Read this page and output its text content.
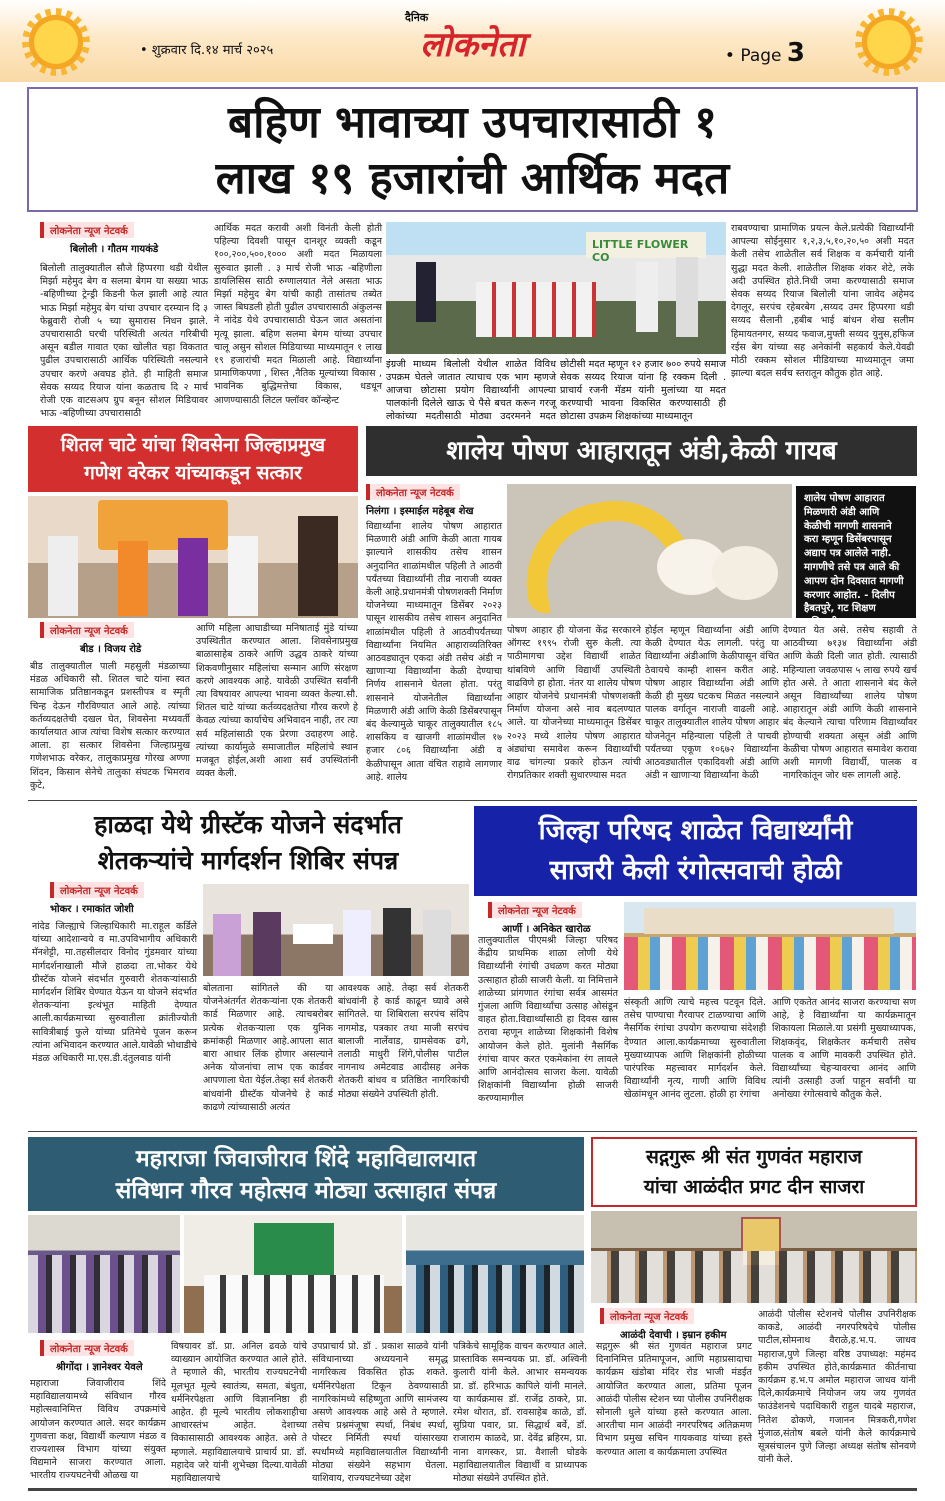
• शुक्रवार दि.१४ मार्च २०२५
दैनिक
लोकनेता	• Page 3
बहिण भावाच्या उपचारासाठी १
लाख १९ हजारांची आर्थिक मदत
लोकनेता न्यूज नेटवर्क
बिलोली । गौतम गायकंडे
बिलोली तालुक्यातील सौजे हिप्परगा थडी येथील मिर्झा महेमुद बेग व सलमा बेगम या सख्या भाऊ -बहिणीच्या ट्रेन्ड्री किडनी फेल झाली आहे त्यात भाऊ मिर्झा महेमुद बेग यांचा उपचार दरम्यान दि ३ फेब्रुवारी रोजी ५ च्या सुमारास निधन झाले. उपचारासाठी घरची परिस्थिती अत्यंत गरिबीची असून बडील गावात एका खोलीत चहा विकतात पुढील उपचारासाठी आर्थिक परिस्थिती नसल्याने उपचार करणे अवघड होते. ही माहिती समाज सेवक सय्यद रियाज यांना कळताच दि २ मार्च रोजी एक वाटसअप ग्रुप बनून सोशल मिडियावर भाऊ -बहिणीच्या उपचारासाठी
आर्थिक मदत करावी अशी विनंती केली होती पहिल्या दिवशी पासून दानशूर व्यक्ती कडून १००,२००,५००,१००० अशी मदत मिळायला सुरुवात झाली . ३ मार्च रोजी भाऊ -बहिणीला डायलिसिस साठी रुग्णालयात नेले असता भाऊ मिर्झा महेमुद बेग यांची काही तासांतच तब्येत जास्त बिघडली होती पुढील उपचारासाठी अंकुलन्स ने नांदेड येथे उपचारासाठी घेऊन जात असतांना मृत्यू झाला. बहिण सलमा बेगम यांच्या उपचार चालू असुन सोशल मिडियाच्या माध्यमातून १ लाख १९ हजारांची मदत मिळाली आहे. विद्यार्थ्यांना प्रामाणिकपणा , शिस्त ,नैतिक मूल्यांच्या विकास , भावनिक बुद्धिमत्तेचा विकास, धडधून आणण्यासाठी लिटल फ्लॉवर कॉन्व्हेन्ट
LITTLE FLOWER CO
इंग्रजी माध्यम बिलोली येथील शाळेत विविध उपक्रम घेतले जातात त्याचाच एक भाग म्हणजे आजचा छोटासा प्रयोग विद्यार्थ्यांनी आपल्या पालकांनी दिलेले खाऊ चे पैसे बचत करून गरजू लोकांच्या मदतीसाठी मोठ्या उदरमनने मदत
छोटीसी मदत म्हणून १२ हजार ७०० रुपये समाज सेवक सय्यद रियाज यांना हि रक्कम दिली . प्राचार्य रजनी मॅडम यांनी मुलांच्या या मदत करण्याची भावना विकसित करण्यासाठी ही छोटासा उपक्रम शिक्षकांच्या माध्यमातून
राबवण्याचा प्रामाणिक प्रयत्न केले.प्रत्येकी विद्यार्थ्यांनी आपल्या सोईनुसार १,२,३,५,१०,२०,५० अशी मदत केली तसेच शाळेतील सर्व शिक्षक व कर्मचारी यांनी सुद्धा मदत केली. शाळेतील शिक्षक शंकर शेटे, लके अदी उपस्थित होते.निधी जमा करण्यासाठी समाज सेवक सय्यद रियाज बिलोली यांना जावेद अहेमद देगलूर, सरपंच रहेबरबेग ,सय्यद उमर हिप्परगा थडी सय्यद सैलानी ,हबीब भाई बांधन शेख सलीम हिमायतनगर, सय्यद फवाज,मुफ्ती सय्यद युनुस,हफिज रईस बेग यांच्या सह अनेकांनी सहकार्य केले.येवढी मोठी रक्कम सोशल मीडियाच्या माध्यमातून जमा झाल्या बदल सर्वच स्तरातून कौतुक होत आहे.
शितल चाटे यांचा शिवसेना जिल्हाप्रमुख
गणेश वरेकर यांच्याकडून सत्कार
लोकनेता न्यूज नेटवर्क
बीड । विजय रोडे
बीड तालुक्यातील पाली महसुली मंडळाच्या मंडळ अधिकारी सौ. शितल चाटे यांना स्वत सामाजिक प्रतिष्ठानकडून प्रशस्तीपत्र व स्मृती चिन्ह देऊन गौरविण्यात आले आहे. त्यांच्या कर्तव्यदक्षतेची दखल घेत, शिवसेना मध्यवर्ती कार्यालयात आज त्यांचा विशेष सत्कार करण्यात आला. हा सत्कार शिवसेना जिल्हाप्रमुख गणेशभाऊ वरेकर, तालुकाप्रमुख गोरख अण्णा शिंदन, किसान सेनेचे तालुका संघटक भिमराव कुटे,
आणि महिला आघाडीच्या मनिषाताई मुंडे यांच्या उपस्थितीत करण्यात आला. शिवसेनाप्रमुख बाळासाहेब ठाकरे आणि उद्धव ठाकरे यांच्या शिकवणीनुसार महिलांचा सन्मान आणि संरक्षण करणे आवश्यक आहे. यावेळी उपस्थित सर्वांनी त्या विषयावर आपल्या भावना व्यक्त केल्या.सौ. शितल चाटे यांच्या कर्तव्यदक्षतेचा गौरव करणे हे केवळ त्यांच्या कार्याचेच अभिवादन नाही, तर त्या सर्व महिलांसाठी एक प्रेरणा उदाहरण आहे. त्यांच्या कार्यामुळे समाजातील महिलांचे स्थान मजबूत होईल,अशी आशा सर्व उपस्थितांनी व्यक्त केली.
शालेय पोषण आहारातून अंडी,केळी गायब
लोकनेता न्यूज नेटवर्क
निलंगा । इस्माईल महेबूब शेख
शालेय पोषण आहारात मिळणारी अंडी आणि केळीची मागणी शासनाने करा म्हणून डिसेंबरपासून अद्याप पत्र आलेले नाही. मागणीचे तसे पत्र आले की आपण दोन दिवसात मागणी करणार आहोत. - दिलीप हैबतपुरे, गट शिक्षण अधिकारी, चाकूर
विद्यार्थ्यांना शालेय पोषण आहारात मिळणारी अंडी आणि केळी आता गायब झाल्याने शासकीय तसेच शासन अनुदानित शाळांमधील पहिली ते आठवी पर्यंतच्या विद्यार्थ्यांनी तीव्र नाराजी व्यक्त केली आहे.प्रधानमंत्री पोषणशक्ती निर्माण योजनेच्या माध्यमातून डिसेंबर २०२३ पासून शासकीय तसेच शासन अनुदानित शाळांमधील पहिली ते आठवीपर्यंतच्या विद्यार्थ्यांना नियमित आहाराव्यतिरिक्त आठवड्यातून एकदा अंडी तसेच अंडी न खाणाऱ्या विद्यार्थ्यांना केळी देण्याचा निर्णय शासनाने घेतला होता. परंतु शासनाने योजनेतील विद्यार्थ्यांना मिळणारी अंडी आणि केळी डिसेंबरपासून बंद केल्यामुळे चाकूर तालुक्यातील १८५ शासकिय व खाजगी शाळांमधील १७ हजार ८०६ विद्यार्थ्यांना अंडी व केळीपासून आता वंचित राहावे लागणार आहे. शालेय
पोषण आहार ही योजना केंद्र सरकारने ऑगस्ट १९९५ रोजी सुरु केली. त्या पाठीमागचा उद्देश विद्यार्थी शाळेत थांबविणे आणि विद्यार्थी उपस्थिती वाढविणे हा होता. नंतर या शालेय पोषण आहार योजनेचे प्रधानमंत्री पोषणशक्ती निर्माण योजना असे नाव बदलण्यात आले. या योजनेच्या माध्यमातून डिसेंबर २०२३ मध्ये शालेय पोषण आहारात अंड्यांचा समावेश करून विद्यार्थ्यांची वाढ चांगल्या प्रकारे होऊन त्यांची रोगप्रतिकार शक्ती सुधारण्यास मदत
होईल म्हणून विद्यार्थ्यांना अंडी आणि केळी देण्यात येऊ लागली. परंतु या विद्यार्थ्यांना अंडीआणि केळीपासून वंचित ठेवायचे काम्ही शासन करीत आहे. पोषण आहार विद्यार्थ्यांना अंडी आणि केळी ही मुख्य घटकच मिळत नसल्याने पालक वर्गातून नाराजी वाढली आहे. चाकूर तालुक्यातील शालेय पोषण आहार योजनेतून महिन्याला पहिली ते पाचवी पर्यंतच्या एकूण १०६७२ विद्यार्थ्यांना आठवड्यातील एकादिवशी अंडी आणि अंडी न खाणाऱ्या विद्यार्थ्यांना केळी
देण्यात येत असे. तसेच सहावी ते आठवीच्या ७१३४ विद्यार्थ्यांना अंडी आणि केळी दिली जात होती. त्यासाठी महिन्याला जवळपास ५ लाख रुपये खर्च होत असे. ते आता शासनाने बंद केले असून विद्यार्थ्यांच्या शालेय पोषण आहारातून अंडी आणि केळी शासनाने बंद केल्याने त्याचा परिणाम विद्यार्थ्यांवर होण्याची शक्यता असून अंडी आणि केळीचा पोषण आहारात समावेश करावा अशी मागणी विद्यार्थी, पालक व नागरिकांतून जोर धरू लागली आहे.
हाळदा येथे ग्रीस्टॅक योजने संदर्भात
शेतकऱ्यांचे मार्गदर्शन शिबिर संपन्न
लोकनेता न्यूज नेटवर्क
भोकर । रमाकांत जोशी
नांदेड जिल्ह्याचे जिल्हाधिकारी मा.राहूल कर्डिले यांच्या आदेशान्वये व मा.उपविभागीय अधिकारी मॅनशेट्टी, मा.तहसीलदार विनोद गुंडमवार यांच्या मार्गदर्शनाखाली मौजे हाळदा ता.भोकर येथे ग्रीस्टॅक योजने संदर्भात गुरुवारी शेतकऱ्यांसाठी मार्गदर्शन शिबिर घेण्यात येऊन या योजने संदर्भात शेतकऱ्यांना इत्थंभूत माहिती देण्यात आली.कार्यक्रमाच्या सुरुवातीला क्रांतीज्योती सावित्रीबाई फुले यांच्या प्रतिमेचे पूजन करून त्यांना अभिवादन करण्यात आले.यावेळी भोधाडीचे मंडळ अधिकारी मा.एस.डी.दंतुलवाड यांनी
बोलताना सांगितले की या योजनेअंतर्गत शेतकऱ्यांना एक शेतकरी कार्ड मिळणार आहे. त्याचबरोबर प्रत्येक शेतकऱ्याला एक युनिक क्रमांकही मिळणार आहे.आपला सात बारा आधार लिंक होणार असल्याने अनेक योजनांचा लाभ एक कार्डवर आपणाला घेता येईल.तेव्हा सर्व शेतकरी बांधवांनी ग्रीस्टॅक योजनेचे हे कार्ड काढणे त्यांच्यासाठी अत्यंत
आवश्यक आहे. तेव्हा सर्व शेतकरी बांधवांनी हे कार्ड काढून घ्यावे असे सांगितले. या शिबिराला सरपंच संदिप नागमोड, पत्रकार तथा माजी सरपंच बालाजी नार्लेवाड, ग्रामसेवक ढगे, तलाठी माधुरी शिंगे,पोलीस पाटील नागनाथ अमेटवाड आदीसह अनेक शेतकरी बांधव व प्रतिष्ठित नागरिकांची मोठ्या संख्येने उपस्थिती होती.
जिल्हा परिषद शाळेत विद्यार्थ्यांनी
साजरी केली रंगोत्सवाची होळी
लोकनेता न्यूज नेटवर्क
आर्णी । अनिकेत खारोळ
तालुक्यातील पीएमश्री जिल्हा परिषद केंद्रीय प्राथमिक शाळा लोणी येथे विद्यार्थ्यांनी रंगांची उधळण करत मोठ्या उत्साहात होळी साजरी केली. या निमित्ताने शाळेच्या प्रांगणात रंगांचा सर्वत्र आसमंत गुंजला आणि विद्यार्थ्यांचा उत्साह ओसंडून वाहत होता.विद्यार्थ्यांसाठी हा दिवस खास ठरावा म्हणून शाळेच्या शिक्षकांनी विशेष आयोजन केले होते. मुलांनी नैसर्गिक रंगांचा वापर करत एकमेकांना रंग लावले आणि आनंदोत्सव साजरा केला. यावेळी शिक्षकांनी विद्यार्थ्यांना होळी साजरी करण्यामागील
संस्कृती आणि त्याचे महत्त्व पटवून दिले. तसेच पाण्याचा गैरवापर टाळण्याचा आणि नैसर्गिक रंगांचा उपयोग करण्याचा संदेशही देण्यात आला.कार्यक्रमाच्या सुरुवातीला मुख्याध्यापक आणि शिक्षकांनी होळीच्या पारंपरिक महत्त्वावर मार्गदर्शन केले. विद्यार्थ्यांनी नृत्य, गाणी आणि विविध खेळांमधून आनंद लुटला. होळी हा रंगांचा
आणि एकतेत आनंद साजरा करण्याचा सण आहे, हे विद्यार्थ्यांना या कार्यक्रमातून शिकायला मिळाले.या प्रसंगी मुख्याध्यापक, शिक्षकवृंद, शिक्षकेतर कर्मचारी तसेच पालक व आणि मावकरी उपस्थित होते. विद्यार्थ्यांच्या चेहऱ्यावरचा आनंद आणि त्यांनी उत्साही उर्जा पाहून सर्वांनी या अनोख्या रंगोत्सवाचे कौतुक केले.
महाराजा जिवाजीराव शिंदे महाविद्यालयात
संविधान गौरव महोत्सव मोठ्या उत्साहात संपन्न
लोकनेता न्यूज नेटवर्क
श्रीगोंदा । ज्ञानेश्वर येवले
महाराजा जिवाजीराव शिंदे महाविद्यालयामध्ये संविधान गौरव महोत्सवानिमित्त विविध उपक्रमांचे आयोजन करण्यात आले. सदर कार्यक्रम गुणवत्ता कक्ष, विद्यार्थी कल्याण मंडळ व राज्यशास्त्र विभाग यांच्या संयुक्त विद्यमाने साजरा करण्यात आला. भारतीय राज्यघटनेची ओळख या
विषयावर डॉ. प्रा. अनिल ढवळे यांचे व्याख्यान आयोजित करण्यात आले होते. ते म्हणाले की, भारतीय राज्यघटनेची मूलभूत मूल्ये स्वातंत्र्य, समता, बंधुता, धर्मनिरपेक्षता आणि विज्ञाननिष्ठा ही आहेत. ही मूल्ये भारतीय लोकशाहीचा आधारस्तंभ आहेत. देशाच्या विकासासाठी आवश्यक आहेत. असे ते म्हणाले. महाविद्यालयाचे प्राचार्य प्रा. डॉ. महादेव जरे यांनी शुभेच्छा दिल्या.यावेळी महाविद्यालयाचे
उपप्राचार्य प्रो. डॉ . प्रकाश साळवे यांनी संविधानाच्या अध्ययनाने समृद्ध नागरिकत्व विकसित होऊ शकते. धर्मनिरपेक्षता टिकून ठेवण्यासाठी नागरिकांमध्ये सहिष्णुता आणि सामंजस्य असणे आवश्यक आहे असे ते म्हणाले. तसेच प्रश्नमंजूषा स्पर्धा, निबंध स्पर्धा, पोस्टर निर्मिती स्पर्धा यांसारख्या स्पर्धांमध्ये महाविद्यालयातील विद्यार्थ्यांनी मोठ्या संख्येने सहभाग घेतला. याशिवाय, राज्यघटनेच्या उद्देश
पत्रिकेचे सामूहिक वाचन करण्यात आले. प्रास्ताविक समन्वयक प्रा. डॉ. अश्विनी कुलारी यांनी केले. आभार समन्वयक प्रा. डॉ. हरिभाऊ कापिले यांनी मानले. या कार्यक्रमास डॉ. राजेंद्र ठाकरे, प्रा. रमेश थोरात, डॉ. रावसाहेब काळे, डॉ. सुप्रिया पवार, प्रा. सिद्धार्थ बर्वे, डॉ. राजाराम काळदे, प्रा. देवेंद्र ब्रहिरम, प्रा. नाना वागस्कर, प्रा. वैशाली घोडके महाविद्यालयातील विद्यार्थी व प्राध्यापक मोठ्या संख्येने उपस्थित होते.
सद्गगुरू श्री संत गुणवंत महाराज
यांचा आळंदीत प्रगट दीन साजरा
लोकनेता न्यूज नेटवर्क
आळंदी देवाची । इम्रान हकीम
सद्गगुरू श्री संत गुणवंत महाराज प्रगट दिनानिमित्त प्रतिमापूजन, आणि महाप्रसादाचा कार्यक्रम खंडोबा मंदिर रोड भाजी मंडईत आयोजित करण्यात आला, प्रतिमा पूजन आळंदी पोलीस स्टेशन च्या पोलीस उपनिरीक्षक सोनाली धुले यांच्या हस्ते करण्यात आला. आरतीचा मान आळंदी नगरपरिषद अतिक्रमण विभाग प्रमुख सचिन गायकवाड यांच्या हस्ते करण्यात आला व कार्यक्रमाला उपस्थित
आळंदी पोलीस स्टेशनचे पोलीस उपनिरीक्षक काकडे, आळंदी नगरपरिषदेचे पोलीस पाटील,सोमनाथ वैराळे,ह.भ.प. जाधव महाराज,पुणे जिल्हा वरिष्ठ उपाध्यक्ष: महंमद हकीम उपस्थित होते,कार्यक्रमात कीर्तनाचा कार्यक्रम ह.भ.प अमोल महाराज जाधव यांनी दिले,कार्यक्रमाचे नियोजन जय जय गुणवंत फाउंडेशनचे पदाधिकारी राहुल यादबे महाराज, नितेश ढोकणे, गजानन मित्रकरी,गणेश मुंजाळ,संतोष बबले यांनी केले कार्यक्रमाचे सूत्रसंचालन पुणे जिल्हा अध्यक्ष संतोष सोनवणे यांनी केले.
